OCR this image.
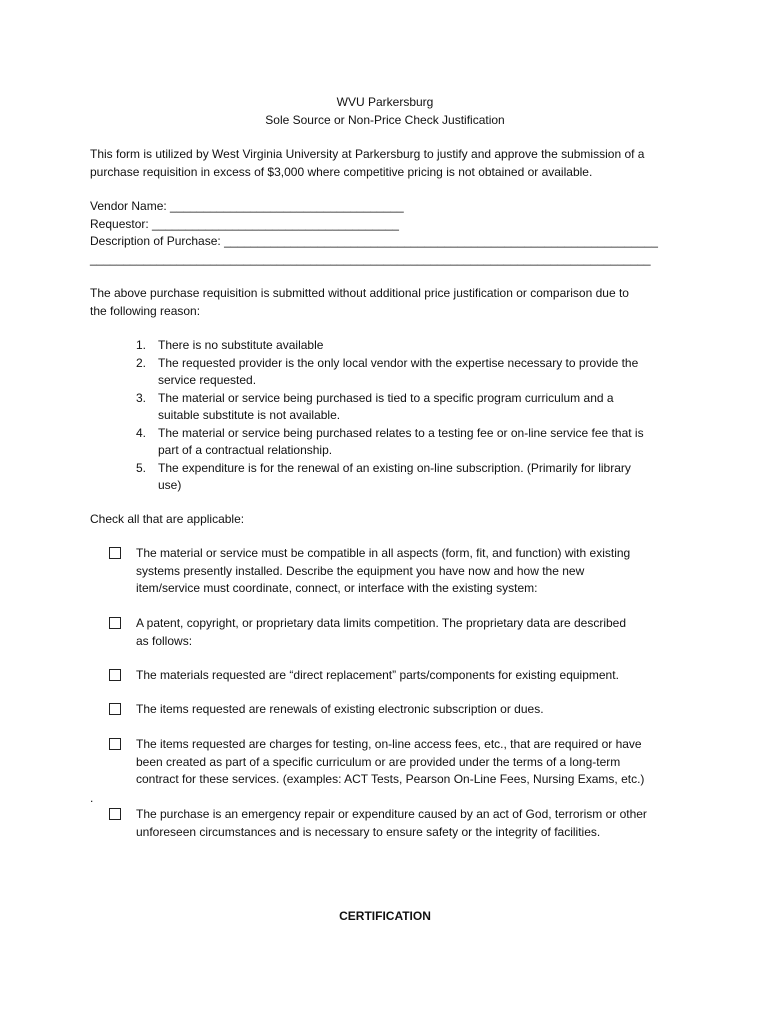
WVU Parkersburg
Sole Source or Non-Price Check Justification
This form is utilized by West Virginia University at Parkersburg to justify and approve the submission of a
purchase requisition in excess of $3,000 where competitive pricing is not obtained or available.
Vendor Name: ___________________________________
Requestor: _____________________________________
Description of Purchase: _________________________________________________________________
____________________________________________________________________________________
The above purchase requisition is submitted without additional price justification or comparison due to
the following reason:
1. There is no substitute available
2. The requested provider is the only local vendor with the expertise necessary to provide the
service requested.
3. The material or service being purchased is tied to a specific program curriculum and a
suitable substitute is not available.
4. The material or service being purchased relates to a testing fee or on-line service fee that is
part of a contractual relationship.
5. The expenditure is for the renewal of an existing on-line subscription. (Primarily for library
use)
Check all that are applicable:
The material or service must be compatible in all aspects (form, fit, and function) with existing
systems presently installed. Describe the equipment you have now and how the new
item/service must coordinate, connect, or interface with the existing system:
A patent, copyright, or proprietary data limits competition. The proprietary data are described
as follows:
The materials requested are “direct replacement” parts/components for existing equipment.
The items requested are renewals of existing electronic subscription or dues.
The items requested are charges for testing, on-line access fees, etc., that are required or have
been created as part of a specific curriculum or are provided under the terms of a long-term
contract for these services. (examples: ACT Tests, Pearson On-Line Fees, Nursing Exams, etc.)
.
The purchase is an emergency repair or expenditure caused by an act of God, terrorism or other
unforeseen circumstances and is necessary to ensure safety or the integrity of facilities.
CERTIFICATION
